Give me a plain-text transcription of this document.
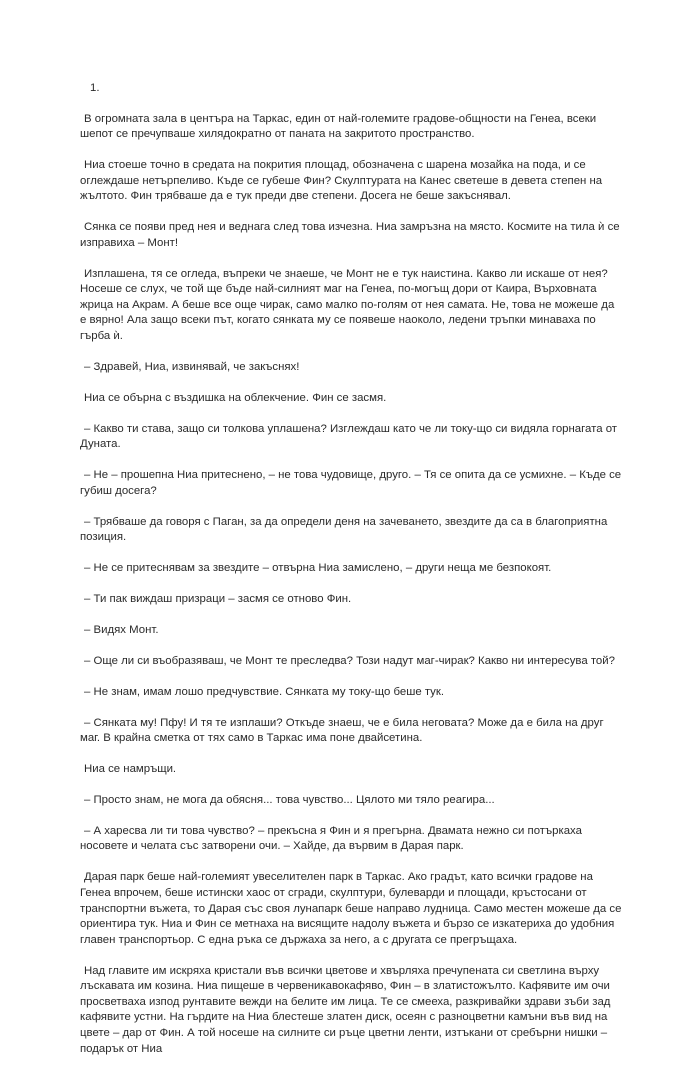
1.

В огромната зала в центъра на Таркас, един от най-големите градове-общности на Генеа, всеки шепот се пречупваше хилядократно от паната на закритото пространство.

Ниа стоеше точно в средата на покрития площад, обозначена с шарена мозайка на пода, и се оглеждаше нетърпеливо. Къде се губеше Фин? Скулптурата на Канес светеше в деветa степен на жълтото. Фин трябваше да е тук преди две степени. Досега не беше закъснявал.

Сянка се появи пред нея и веднага след това изчезна. Ниа замръзна на място. Космите на тила ѝ се изправиха – Монт!

Изплашена, тя се огледа, въпреки че знаеше, че Монт не е тук наистина. Какво ли искаше от нея? Носеше се слух, че той ще бъде най-силният маг на Генеа, по-могъщ дори от Каира, Върховната жрица на Акрам. А беше все още чирак, само малко по-голям от нея самата. Не, това не можеше да е вярно! Ала защо всеки път, когато сянката му се появеше наоколо, ледени тръпки минаваха по гърба ѝ.

– Здравей, Ниа, извинявай, че закъснях!

Ниа се обърна с въздишка на облекчение. Фин се засмя.

– Какво ти става, защо си толкова уплашена? Изглеждаш като че ли току-що си видяла горнагата от Дуната.

– Не – прошепна Ниа притеснено, – не това чудовище, друго. – Тя се опита да се усмихне. – Къде се губиш досега?

– Трябваше да говоря с Паган, за да определи деня на зачеването, звездите да са в благоприятна позиция.

– Не се притеснявам за звездите – отвърна Ниа замислено, – други неща ме безпокоят.

– Ти пак виждаш призраци – засмя се отново Фин.

– Видях Монт.

– Още ли си въобразяваш, че Монт те преследва? Този надут маг-чирак? Какво ни интересува той?

– Не знам, имам лошо предчувствие. Сянката му току-що беше тук.

– Сянката му! Пфу! И тя те изплаши? Откъде знаеш, че е била неговата? Може да е била на друг маг. В крайна сметка от тях само в Таркас има поне двайсетина.

Ниа се намръщи.

– Просто знам, не мога да обясня... това чувство... Цялото ми тяло реагира...

– А харесва ли ти това чувство? – прекъсна я Фин и я прегърна. Двамата нежно си потъркаха носовете и челата със затворени очи. – Хайде, да вървим в Дарая парк.

Дарая парк беше най-големият увеселителен парк в Таркас. Ако градът, като всички градове на Генеа впрочем, беше истински хаос от сгради, скулптури, булеварди и площади, кръстосани от транспортни въжета, то Дарая със своя лунапарк беше направо лудница. Само местен можеше да се ориентира тук. Ниа и Фин се метнаха на висящите надолу въжета и бързо се изкатериха до удобния главен транспортьор. С една ръка се държаха за него, а с другата се прегръщаха.

Над главите им искряха кристали във всички цветове и хвърляха пречупената си светлина върху лъскавата им козина. Ниа пищеше в червеникавокафяво, Фин – в златистожълто. Кафявите им очи просветваха изпод рунтавите вежди на белите им лица. Те се смееха, разкривайки здрави зъби зад кафявите устни. На гърдите на Ниа блестеше златен диск, осеян с разноцветни камъни във вид на цвете – дар от Фин. А той носеше на силните си ръце цветни ленти, изтъкани от сребърни нишки – подарък от Ниа
